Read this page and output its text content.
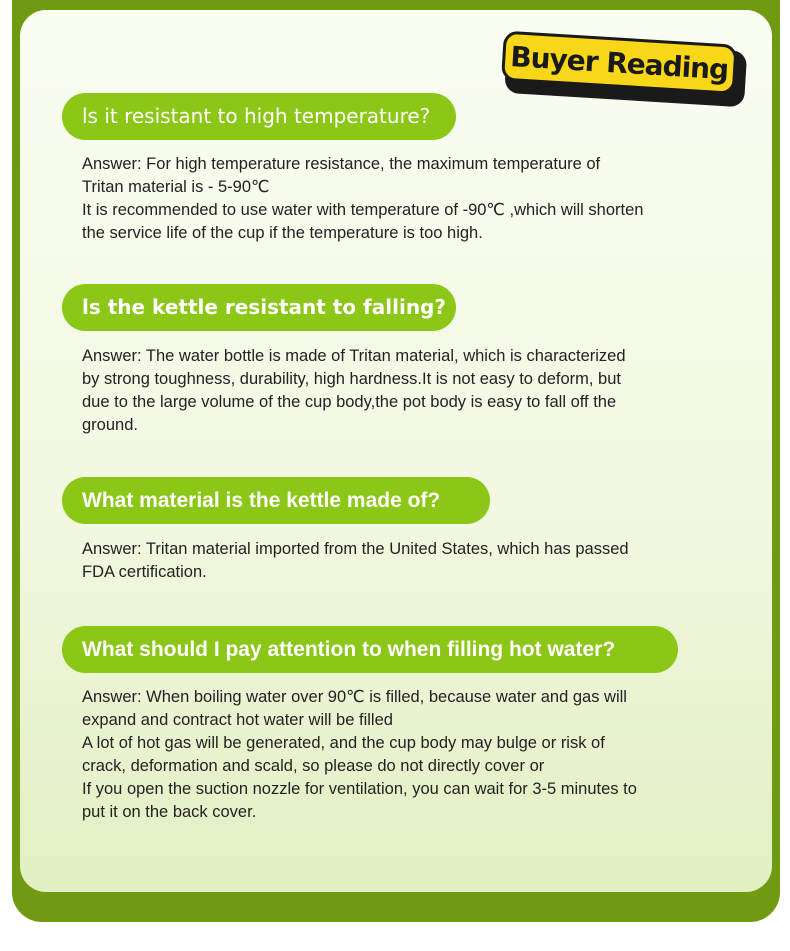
Buyer Reading
ls it resistant to high temperature?

Answer: For high temperature resistance, the maximum temperature of

Tritan material is - 5-90℃

It is recommended to use water with temperature of -90℃ ,which will shorten

the service life of the cup if the temperature is too high.

ls the kettle resistant to falling?

Answer: The water bottle is made of Tritan material, which is characterized

by strong toughness, durability, high hardness.It is not easy to deform, but

due to the large volume of the cup body,the pot body is easy to fall off the

ground.

What material is the kettle made of?

Answer: Tritan material imported from the United States, which has passed

FDA certification.

What should I pay attention to when filling hot water?

Answer: When boiling water over 90℃ is filled, because water and gas will

expand and contract hot water will be filled

A lot of hot gas will be generated, and the cup body may bulge or risk of

crack, deformation and scald, so please do not directly cover or

If you open the suction nozzle for ventilation, you can wait for 3-5 minutes to

put it on the back cover.
